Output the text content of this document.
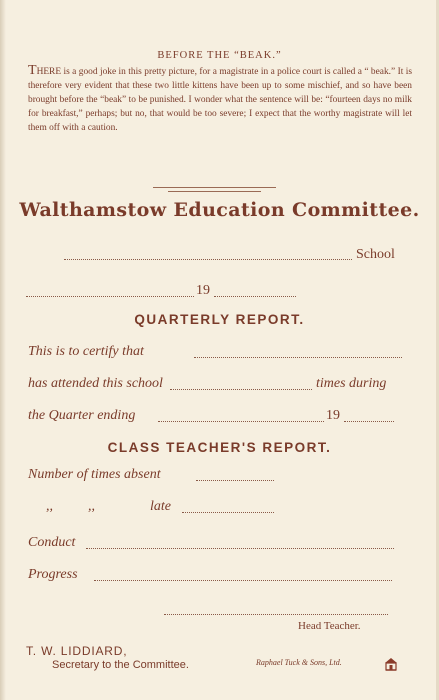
BEFORE THE “BEAK.”
THERE is a good joke in this pretty picture, for a magistrate in a police court is called a “ beak.” It is therefore very evident that these two little kittens have been up to some mischief, and so have been brought before the “beak” to be punished. I wonder what the sentence will be: “fourteen days no milk for breakfast,” perhaps; but no, that would be too severe; I expect that the worthy magistrate will let them off with a caution.
Walthamstow Education Committee.
School
19
QUARTERLY REPORT.
This is to certify that
has attended this school	times during
the Quarter ending	19
CLASS TEACHER'S REPORT.
Number of times absent
,,          ,,	late
Conduct
Progress
Head Teacher.
T. W. LIDDIARD,
Secretary to the Committee.	Raphael Tuck & Sons, Ltd.
